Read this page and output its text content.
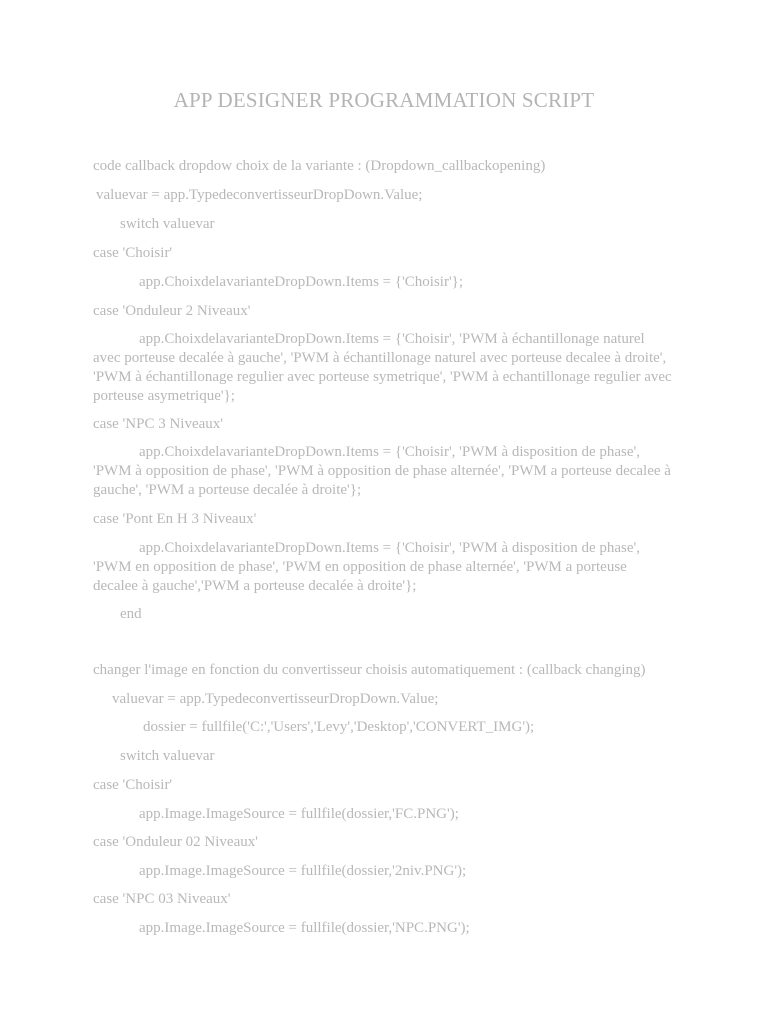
APP DESIGNER PROGRAMMATION SCRIPT

code callback dropdow choix de la variante : (Dropdown_callbackopening)

valuevar = app.TypedeconvertisseurDropDown.Value;

switch valuevar

case 'Choisir'

app.ChoixdelavarianteDropDown.Items = {'Choisir'};

case 'Onduleur 2 Niveaux'

app.ChoixdelavarianteDropDown.Items = {'Choisir', 'PWM à échantillonage naturel avec porteuse decalée à gauche', 'PWM à échantillonage naturel avec porteuse decalee à droite', 'PWM à échantillonage regulier avec porteuse symetrique', 'PWM à echantillonage regulier avec porteuse asymetrique'};

case 'NPC 3 Niveaux'

app.ChoixdelavarianteDropDown.Items = {'Choisir', 'PWM à disposition de phase', 'PWM à opposition de phase', 'PWM à opposition de phase alternée', 'PWM a porteuse decalee à gauche', 'PWM a porteuse decalée à droite'};

case 'Pont En H 3 Niveaux'

app.ChoixdelavarianteDropDown.Items = {'Choisir', 'PWM à disposition de phase', 'PWM en opposition de phase', 'PWM en opposition de phase alternée', 'PWM a porteuse decalee à gauche','PWM a porteuse decalée à droite'};

end

changer l'image en fonction du convertisseur choisis automatiquement : (callback changing)

valuevar = app.TypedeconvertisseurDropDown.Value;

dossier = fullfile('C:','Users','Levy','Desktop','CONVERT_IMG');

switch valuevar

case 'Choisir'

app.Image.ImageSource = fullfile(dossier,'FC.PNG');

case 'Onduleur 02 Niveaux'

app.Image.ImageSource = fullfile(dossier,'2niv.PNG');

case 'NPC 03 Niveaux'

app.Image.ImageSource = fullfile(dossier,'NPC.PNG');
